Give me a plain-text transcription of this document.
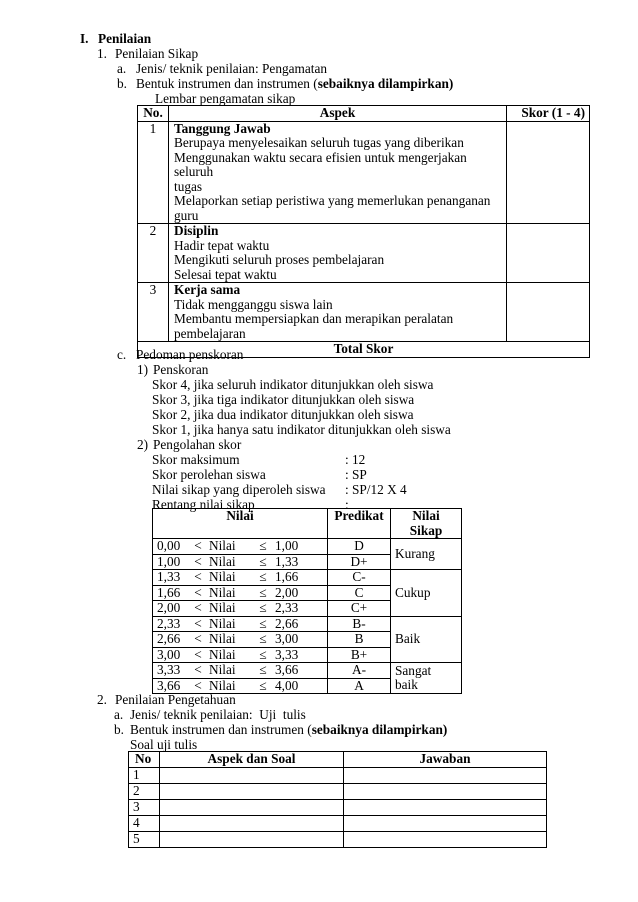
I. Penilaian
1. Penilaian Sikap
a. Jenis/ teknik penilaian : Pengamatan
b. Bentuk instrumen dan instrumen (sebaiknya dilampirkan)
Lembar pengamatan sikap
No.	Aspek	Skor (1 - 4)
1	Tanggung Jawab
Berupaya menyelesaikan seluruh tugas yang diberikan
Menggunakan waktu secara efisien untuk mengerjakan seluruh
tugas
Melaporkan setiap peristiwa yang memerlukan penanganan guru	

2	Disiplin
Hadir tepat waktu
Mengikuti seluruh proses pembelajaran
Selesai tepat waktu	

3	Kerja sama
Tidak mengganggu siswa lain
Membantu mempersiapkan dan merapikan peralatan
pembelajaran	

Total Skor		
c. Pedoman penskoran
1) Penskoran
Skor 4, jika seluruh indikator ditunjukkan oleh siswa
Skor 3, jika tiga indikator ditunjukkan oleh siswa
Skor 2, jika dua indikator ditunjukkan oleh siswa
Skor 1, jika hanya satu indikator ditunjukkan oleh siswa
2) Pengolahan skor
Skor maksimum	: 12
Skor perolehan siswa	: SP
Nilai sikap yang diperoleh siswa : SP/12 X 4
Rentang nilai sikap	:
Nilai	Predikat	Nilai Sikap
0,00 < Nilai ≤ 1,00	D	Kurang
1,00 < Nilai ≤ 1,33	D+	
1,33 < Nilai ≤ 1,66	C-	Cukup
1,66 < Nilai ≤ 2,00	C	
2,00 < Nilai ≤ 2,33	C+	
2,33 < Nilai ≤ 2,66	B-	Baik
2,66 < Nilai ≤ 3,00	B	
3,00 < Nilai ≤ 3,33	B+	
3,33 < Nilai ≤ 3,66	A-	Sangat baik
3,66 < Nilai ≤ 4,00	A	
2. Penilaian Pengetahuan
a. Jenis/ teknik penilaian:  Uji  tulis
b. Bentuk instrumen dan instrumen (sebaiknya dilampirkan)
Soal uji tulis
No	Aspek dan Soal	Jawaban
1		
2		
3		
4		
5		
